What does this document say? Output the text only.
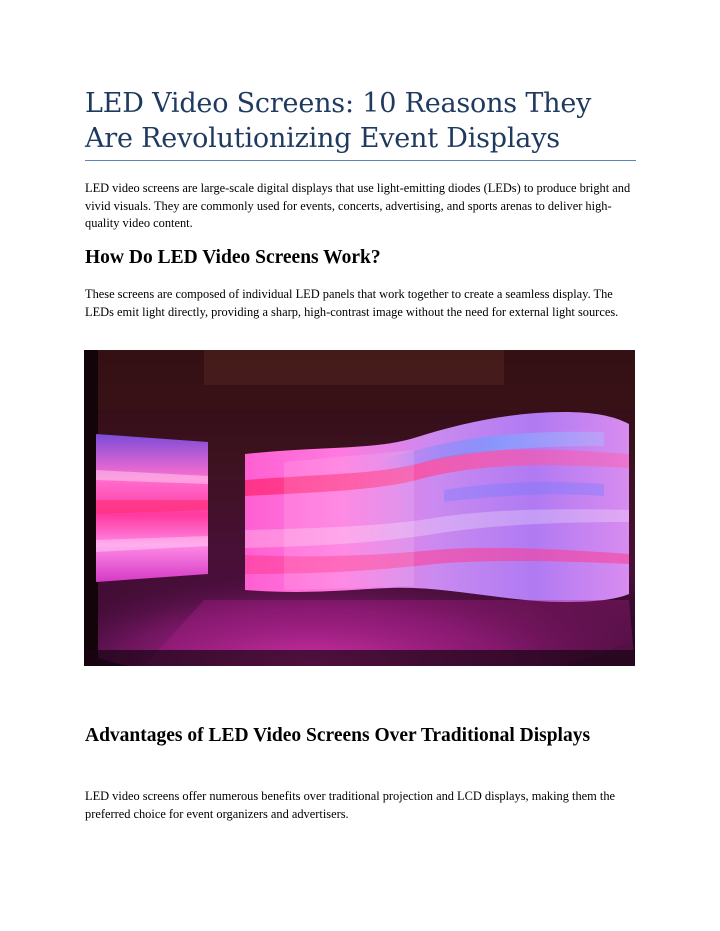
LED Video Screens: 10 Reasons They Are Revolutionizing Event Displays

LED video screens are large-scale digital displays that use light-emitting diodes (LEDs) to produce bright and vivid visuals. They are commonly used for events, concerts, advertising, and sports arenas to deliver high-quality video content.

How Do LED Video Screens Work?

These screens are composed of individual LED panels that work together to create a seamless display. The LEDs emit light directly, providing a sharp, high-contrast image without the need for external light sources.

Advantages of LED Video Screens Over Traditional Displays

LED video screens offer numerous benefits over traditional projection and LCD displays, making them the preferred choice for event organizers and advertisers.
